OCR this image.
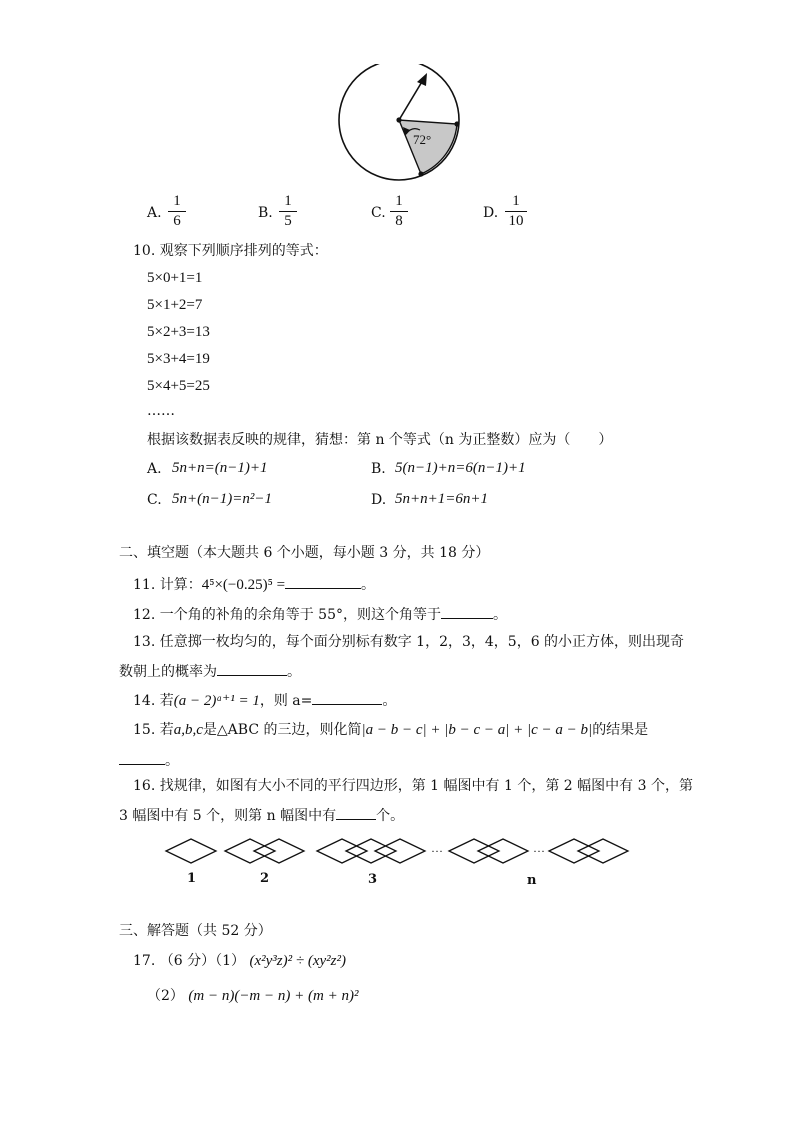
72°
A.
1
6	B.
1
5	C.
1
8	D.
1
10
10. 观察下列顺序排列的等式：
5×0+1=1
5×1+2=7
5×2+3=13
5×3+4=19
5×4+5=25
……
根据该数据表反映的规律，猜想：第 n 个等式（n 为正整数）应为（　　）
A. 5n+n=(n−1)+1	B. 5(n−1)+n=6(n−1)+1
C. 5n+(n−1)=n²−1	D. 5n+n+1=6n+1
二、填空题（本大题共 6 个小题，每小题 3 分，共 18 分）
11. 计算：4⁵×(−0.25)⁵ =	。
12. 一个角的补角的余角等于 55°，则这个角等于	。
13. 任意掷一枚均匀的，每个面分别标有数字 1，2，3，4，5，6 的小正方体，则出现奇
数朝上的概率为	。
14. 若(a − 2)ᵃ⁺¹ = 1，则 a=	。
15. 若a,b,c是△ABC 的三边，则化简|a − b − c| + |b − c − a| + |c − a − b|的结果是
。
16. 找规律，如图有大小不同的平行四边形，第 1 幅图中有 1 个，第 2 幅图中有 3 个，第
3 幅图中有 5 个，则第 n 幅图中有	个。
···	···
1	2	3	n
三、解答题（共 52 分）
17. （6 分）（1） (x²y³z)² ÷ (xy²z²)
（2） (m − n)(−m − n) + (m + n)²
